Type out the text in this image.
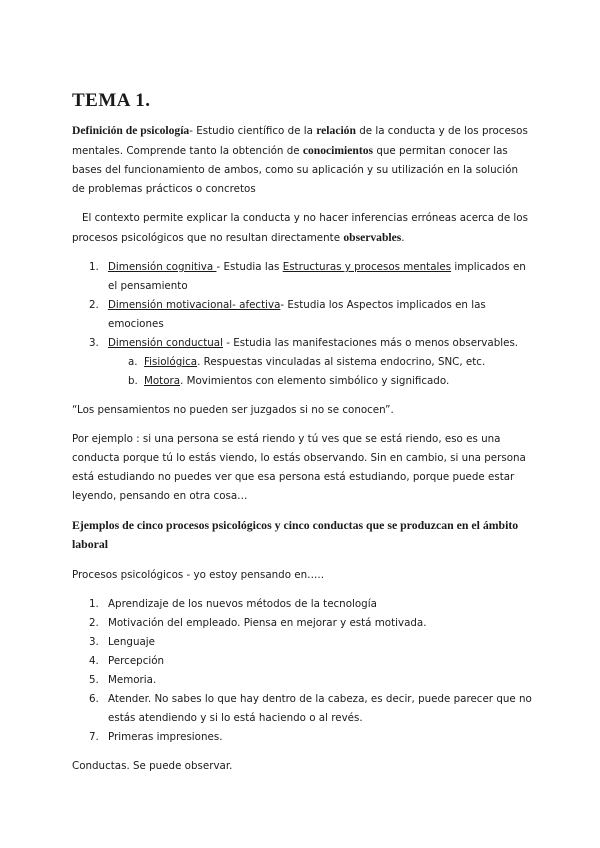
TEMA 1.

Definición de psicología- Estudio científico de la relación de la conducta y de los procesos mentales. Comprende tanto la obtención de conocimientos que permitan conocer las bases del funcionamiento de ambos, como su aplicación y su utilización en la solución de problemas prácticos o concretos

El contexto permite explicar la conducta y no hacer inferencias erróneas acerca de los procesos psicológicos que no resultan directamente observables.

1. Dimensión cognitiva - Estudia las Estructuras y procesos mentales implicados en el pensamiento
2. Dimensión motivacional- afectiva- Estudia los Aspectos implicados en las emociones
3. Dimensión conductual - Estudia las manifestaciones más o menos observables.
a. Fisiológica. Respuestas vinculadas al sistema endocrino, SNC, etc.
b. Motora. Movimientos con elemento simbólico y significado.

“Los pensamientos no pueden ser juzgados si no se conocen”.

Por ejemplo : si una persona se está riendo y tú ves que se está riendo, eso es una conducta porque tú lo estás viendo, lo estás observando. Sin en cambio, si una persona está estudiando no puedes ver que esa persona está estudiando, porque puede estar leyendo, pensando en otra cosa…

Ejemplos de cinco procesos psicológicos y cinco conductas que se produzcan en el ámbito laboral

Procesos psicológicos - yo estoy pensando en…..

1. Aprendizaje de los nuevos métodos de la tecnología
2. Motivación del empleado. Piensa en mejorar y está motivada.
3. Lenguaje
4. Percepción
5. Memoria.
6. Atender. No sabes lo que hay dentro de la cabeza, es decir, puede parecer que no estás atendiendo y si lo está haciendo o al revés.
7. Primeras impresiones.

Conductas. Se puede observar.
